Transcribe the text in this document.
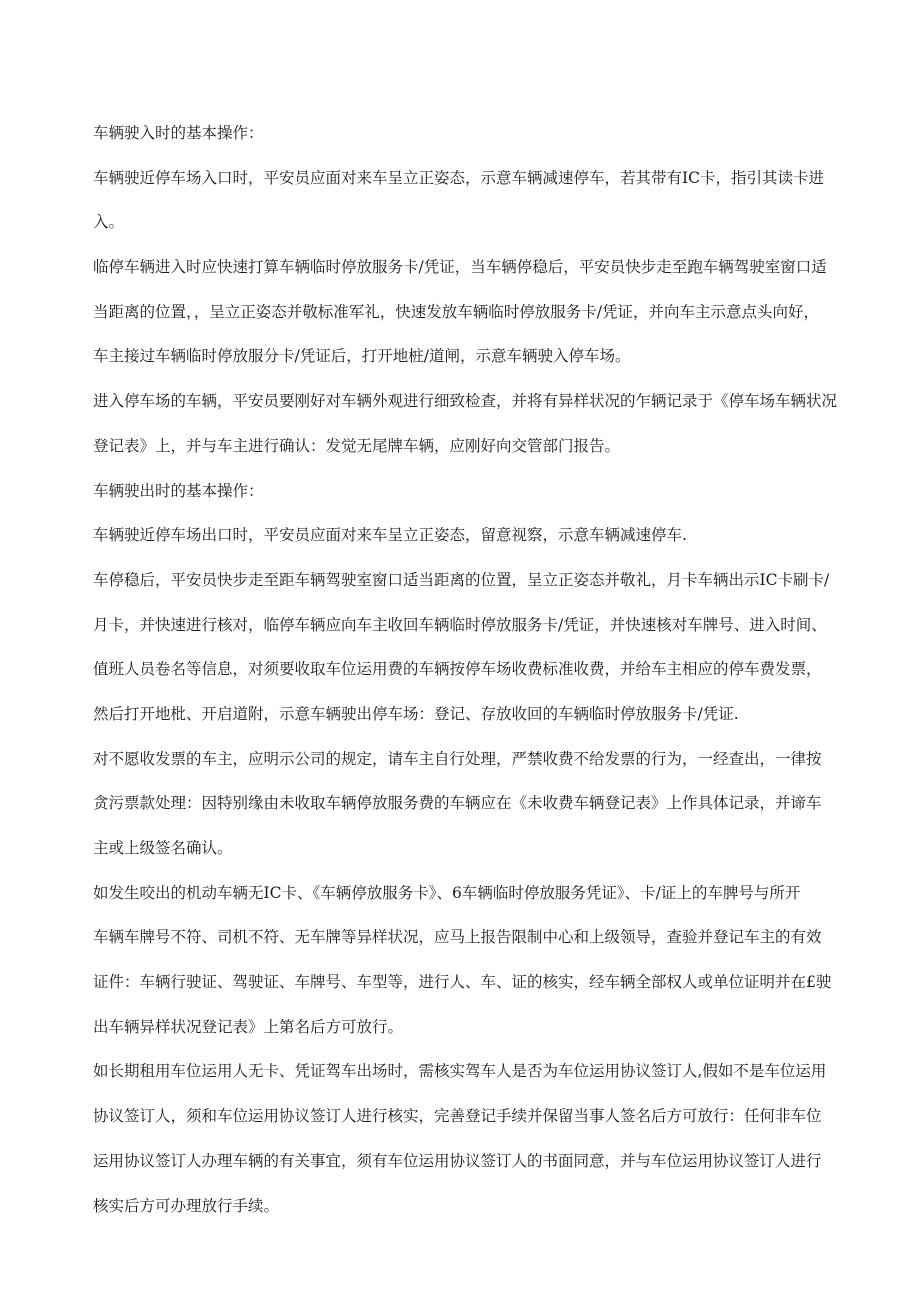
车辆驶入时的基本操作：
车辆驶近停车场入口时，平安员应面对来车呈立正姿态，示意车辆减速停车，若其带有IC卡，指引其读卡进
入。
临停车辆进入时应快速打算车辆临时停放服务卡/凭证，当车辆停稳后，平安员快步走至跑车辆驾驶室窗口适
当距离的位置，，呈立正姿态并敬标准军礼，快速发放车辆临时停放服务卡/凭证，并向车主示意点头向好，
车主接过车辆临时停放服分卡/凭证后，打开地桩/道闸，示意车辆驶入停车场。
进入停车场的车辆，平安员要刚好对车辆外观进行细致检查，并将有异样状况的乍辆记录于《停车场车辆状况
登记表》上，并与车主进行确认：发觉无尾牌车辆，应刚好向交管部门报告。
车辆驶出时的基本操作：
车辆驶近停车场出口时，平安员应面对来车呈立正姿态，留意视察，示意车辆减速停车.
车停稳后，平安员快步走至距车辆驾驶室窗口适当距离的位置，呈立正姿态并敬礼，月卡车辆出示IC卡刷卡/
月卡，并快速进行核对，临停车辆应向车主收回车辆临时停放服务卡/凭证，并快速核对车牌号、进入时间、
值班人员卷名等信息，对须要收取车位运用费的车辆按停车场收费标准收费，并给车主相应的停车费发票，
然后打开地枇、开启道附，示意车辆驶出停车场：登记、存放收回的车辆临时停放服务卡/凭证.
对不愿收发票的车主，应明示公司的规定，请车主自行处理，严禁收费不给发票的行为，一经查出，一律按
贪污票款处理：因特别缘由未收取车辆停放服务费的车辆应在《未收费车辆登记表》上作具体记录，并谛车
主或上级签名确认。
如发生咬出的机动车辆无IC卡、《车辆停放服务卡》、6车辆临时停放服务凭证》、卡/证上的车脾号与所开
车辆车牌号不符、司机不符、无车牌等异样状况，应马上报告限制中心和上级领导，查验并登记车主的有效
证件：车辆行驶证、驾驶证、车牌号、车型等，进行人、车、证的核实，经车辆全部权人或单位证明并在£驶
出车辆异样状况登记表》上第名后方可放行。
如长期租用车位运用人无卡、凭证驾车出场时，需核实驾车人是否为车位运用协议签订人,假如不是车位运用
协议签订人，须和车位运用协议签订人进行核实，完善登记手续并保留当事人签名后方可放行：任何非车位
运用协议签订人办理车辆的有关事宜，须有车位运用协议签订人的书面同意，并与车位运用协议签订人进行
核实后方可办理放行手续。
